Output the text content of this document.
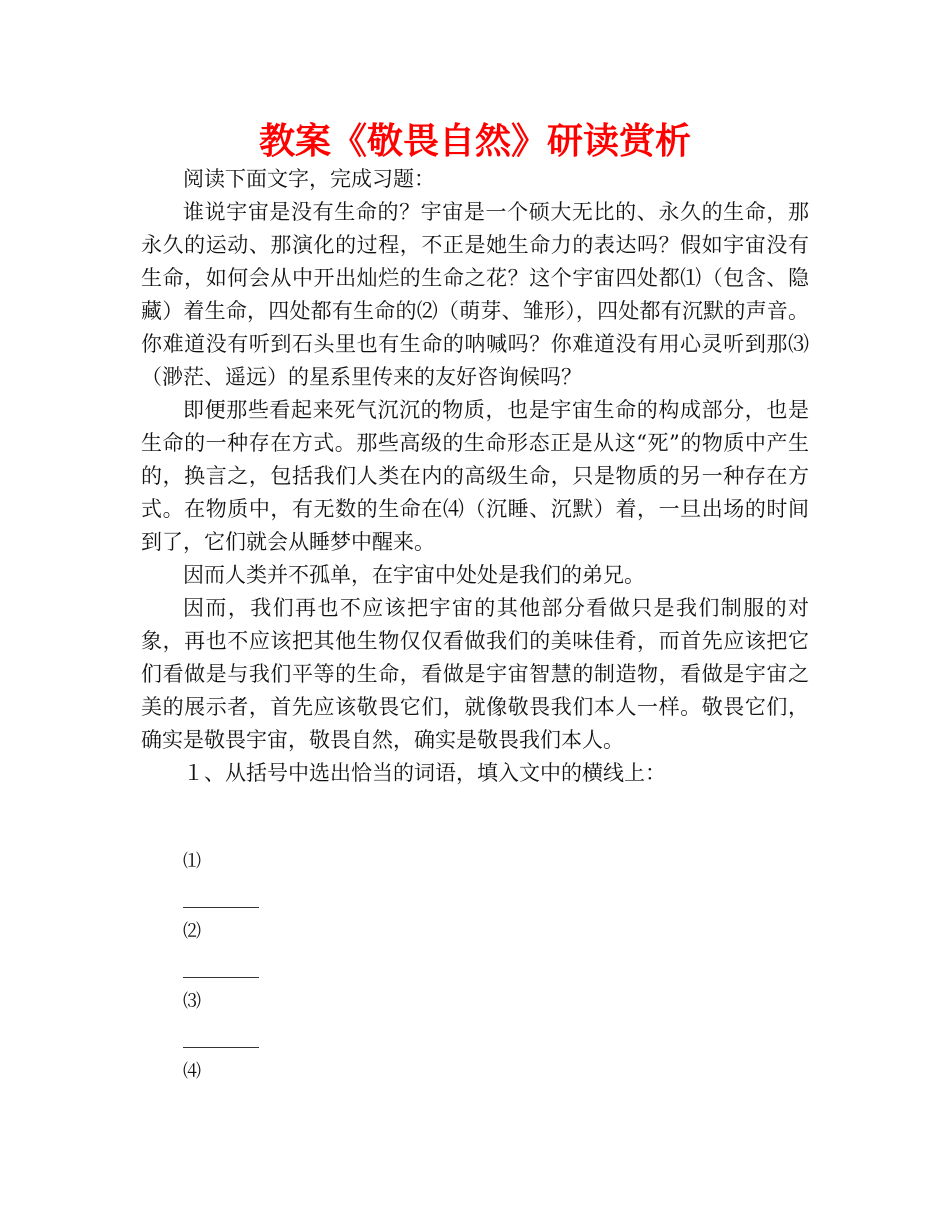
教案《敬畏自然》研读赏析

阅读下面文字，完成习题：

谁说宇宙是没有生命的？宇宙是一个硕大无比的、永久的生命，那永久的运动、那演化的过程，不正是她生命力的表达吗？假如宇宙没有生命，如何会从中开出灿烂的生命之花？这个宇宙四处都⑴（包含、隐藏）着生命，四处都有生命的⑵（萌芽、雏形），四处都有沉默的声音。你难道没有听到石头里也有生命的呐喊吗？你难道没有用心灵听到那⑶（渺茫、遥远）的星系里传来的友好咨询候吗？

即便那些看起来死气沉沉的物质，也是宇宙生命的构成部分，也是生命的一种存在方式。那些高级的生命形态正是从这“死”的物质中产生的，换言之，包括我们人类在内的高级生命，只是物质的另一种存在方式。在物质中，有无数的生命在⑷（沉睡、沉默）着，一旦出场的时间到了，它们就会从睡梦中醒来。

因而人类并不孤单，在宇宙中处处是我们的弟兄。

因而，我们再也不应该把宇宙的其他部分看做只是我们制服的对象，再也不应该把其他生物仅仅看做我们的美味佳肴，而首先应该把它们看做是与我们平等的生命，看做是宇宙智慧的制造物，看做是宇宙之美的展示者，首先应该敬畏它们，就像敬畏我们本人一样。敬畏它们，确实是敬畏宇宙，敬畏自然，确实是敬畏我们本人。

１、从括号中选出恰当的词语，填入文中的横线上：

⑴
⑵
⑶
⑷
